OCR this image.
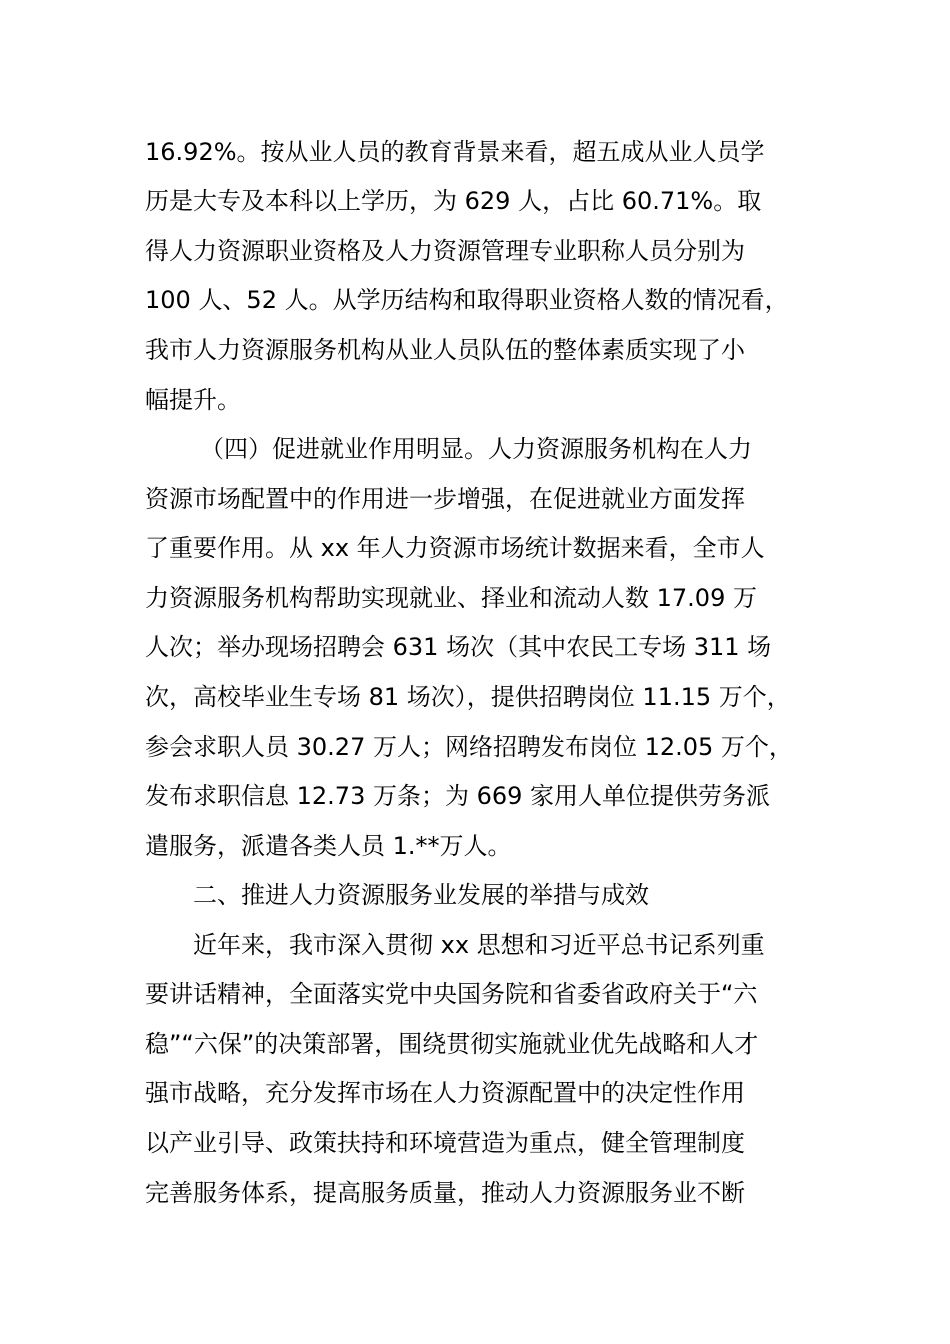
16.92%。按从业人员的教育背景来看，超五成从业人员学
历是大专及本科以上学历，为 629 人，占比 60.71%。取
得人力资源职业资格及人力资源管理专业职称人员分别为
100 人、52 人。从学历结构和取得职业资格人数的情况看，
我市人力资源服务机构从业人员队伍的整体素质实现了小
幅提升。
（四）促进就业作用明显。人力资源服务机构在人力
资源市场配置中的作用进一步增强，在促进就业方面发挥
了重要作用。从 xx 年人力资源市场统计数据来看，全市人
力资源服务机构帮助实现就业、择业和流动人数 17.09 万
人次；举办现场招聘会 631 场次（其中农民工专场 311 场
次，高校毕业生专场 81 场次），提供招聘岗位 11.15 万个，
参会求职人员 30.27 万人；网络招聘发布岗位 12.05 万个，
发布求职信息 12.73 万条；为 669 家用人单位提供劳务派
遣服务，派遣各类人员 1.**万人。
二、推进人力资源服务业发展的举措与成效
近年来，我市深入贯彻 xx 思想和习近平总书记系列重
要讲话精神，全面落实党中央国务院和省委省政府关于“六
稳”“六保”的决策部署，围绕贯彻实施就业优先战略和人才
强市战略，充分发挥市场在人力资源配置中的决定性作用
以产业引导、政策扶持和环境营造为重点，健全管理制度
完善服务体系，提高服务质量，推动人力资源服务业不断
